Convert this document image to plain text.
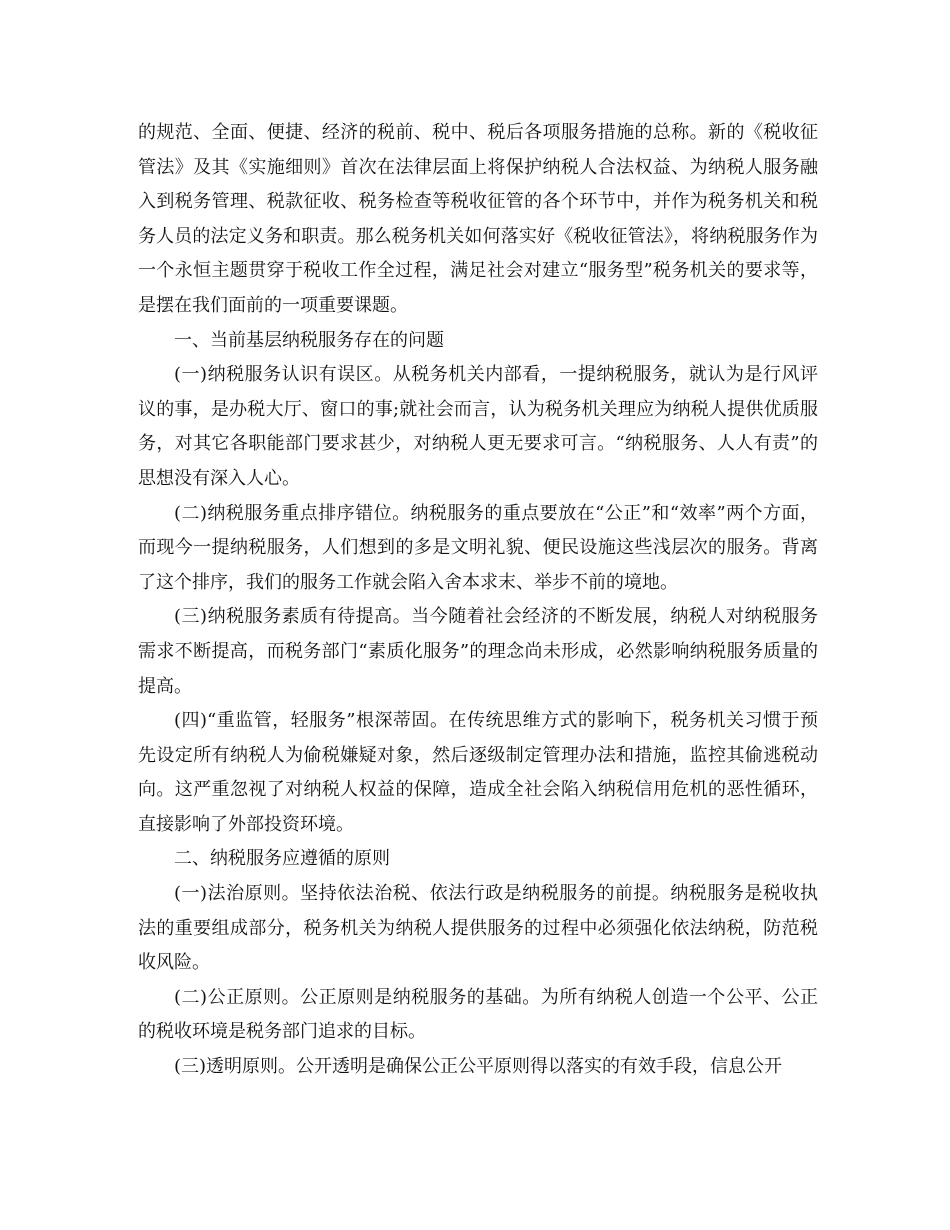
的规范、全面、便捷、经济的税前、税中、税后各项服务措施的总称。新的《税收征管法》及其《实施细则》首次在法律层面上将保护纳税人合法权益、为纳税人服务融入到税务管理、税款征收、税务检查等税收征管的各个环节中，并作为税务机关和税务人员的法定义务和职责。那么税务机关如何落实好《税收征管法》，将纳税服务作为一个永恒主题贯穿于税收工作全过程，满足社会对建立“服务型”税务机关的要求等，是摆在我们面前的一项重要课题。

一、当前基层纳税服务存在的问题

(一)纳税服务认识有误区。从税务机关内部看，一提纳税服务，就认为是行风评议的事，是办税大厅、窗口的事;就社会而言，认为税务机关理应为纳税人提供优质服务，对其它各职能部门要求甚少，对纳税人更无要求可言。“纳税服务、人人有责”的思想没有深入人心。

(二)纳税服务重点排序错位。纳税服务的重点要放在“公正”和“效率”两个方面，而现今一提纳税服务，人们想到的多是文明礼貌、便民设施这些浅层次的服务。背离了这个排序，我们的服务工作就会陷入舍本求末、举步不前的境地。

(三)纳税服务素质有待提高。当今随着社会经济的不断发展，纳税人对纳税服务需求不断提高，而税务部门“素质化服务”的理念尚未形成，必然影响纳税服务质量的提高。

(四)“重监管，轻服务”根深蒂固。在传统思维方式的影响下，税务机关习惯于预先设定所有纳税人为偷税嫌疑对象，然后逐级制定管理办法和措施，监控其偷逃税动向。这严重忽视了对纳税人权益的保障，造成全社会陷入纳税信用危机的恶性循环，直接影响了外部投资环境。

二、纳税服务应遵循的原则

(一)法治原则。坚持依法治税、依法行政是纳税服务的前提。纳税服务是税收执法的重要组成部分，税务机关为纳税人提供服务的过程中必须强化依法纳税，防范税收风险。

(二)公正原则。公正原则是纳税服务的基础。为所有纳税人创造一个公平、公正的税收环境是税务部门追求的目标。

(三)透明原则。公开透明是确保公正公平原则得以落实的有效手段，信息公开
